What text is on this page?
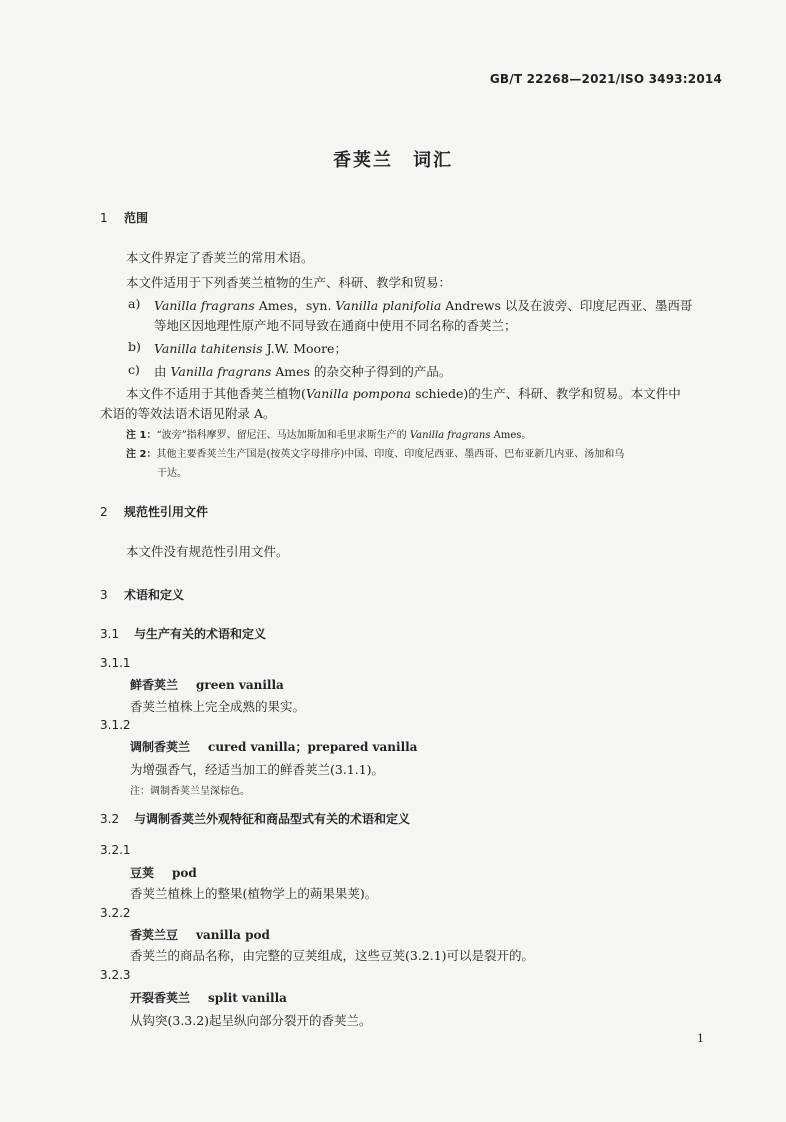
GB/T 22268—2021/ISO 3493:2014
香荚兰　词汇
1 范围
本文件界定了香荚兰的常用术语。
本文件适用于下列香荚兰植物的生产、科研、教学和贸易：
a) Vanilla fragrans Ames，syn. Vanilla planifolia Andrews 以及在波旁、印度尼西亚、墨西哥
等地区因地理性原产地不同导致在通商中使用不同名称的香荚兰；
b) Vanilla tahitensis J.W. Moore；
c) 由 Vanilla fragrans Ames 的杂交种子得到的产品。
本文件不适用于其他香荚兰植物(Vanilla pompona schiede)的生产、科研、教学和贸易。本文件中
术语的等效法语术语见附录 A。
注 1：“波旁”指科摩罗、留尼汪、马达加斯加和毛里求斯生产的 Vanilla fragrans Ames。
注 2：其他主要香荚兰生产国是(按英文字母排序)中国、印度、印度尼西亚、墨西哥、巴布亚新几内亚、汤加和乌
干达。
2 规范性引用文件
本文件没有规范性引用文件。
3 术语和定义
3.1 与生产有关的术语和定义
3.1.1
鲜香荚兰 green vanilla
香荚兰植株上完全成熟的果实。
3.1.2
调制香荚兰 cured vanilla；prepared vanilla
为增强香气，经适当加工的鲜香荚兰(3.1.1)。
注：调制香荚兰呈深棕色。
3.2 与调制香荚兰外观特征和商品型式有关的术语和定义
3.2.1
豆荚 pod
香荚兰植株上的整果(植物学上的蒴果果荚)。
3.2.2
香荚兰豆 vanilla pod
香荚兰的商品名称，由完整的豆荚组成，这些豆荚(3.2.1)可以是裂开的。
3.2.3
开裂香荚兰 split vanilla
从钩突(3.3.2)起呈纵向部分裂开的香荚兰。
1
